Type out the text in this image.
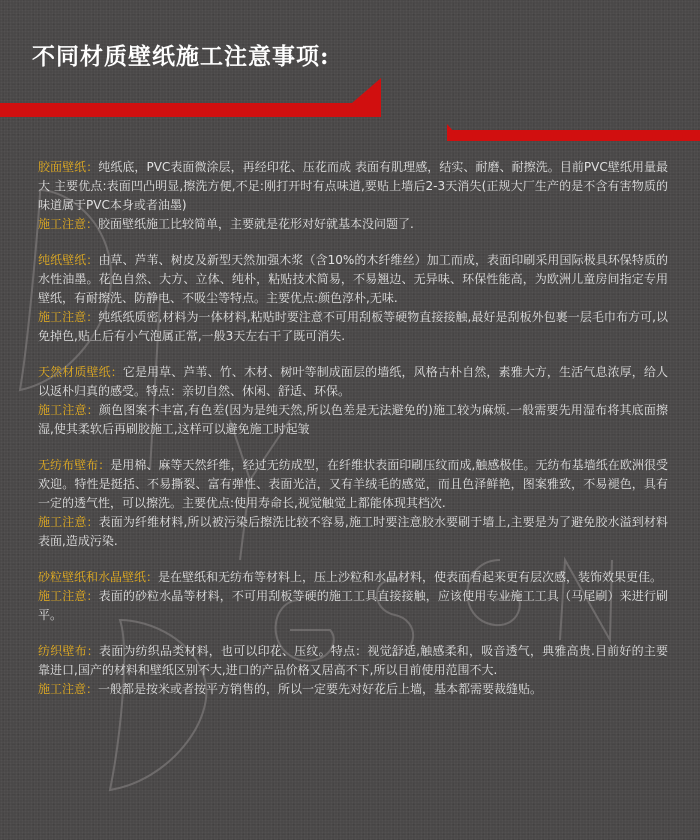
不同材质壁纸施工注意事项:

胶面壁纸：纯纸底，PVC表面微涂层，再经印花、压花而成 表面有肌理感，结实、耐磨、耐擦洗。目前PVC壁纸用量最大 主要优点:表面凹凸明显,擦洗方便,不足:刚打开时有点味道,要贴上墙后2-3天消失(正规大厂生产的是不含有害物质的味道属于PVC本身或者油墨)

施工注意：胶面壁纸施工比较简单，主要就是花形对好就基本没问题了.

纯纸壁纸：由草、芦苇、树皮及新型天然加强木浆（含10%的木纤维丝）加工而成，表面印刷采用国际极具环保特质的水性油墨。花色自然、大方、立体、纯朴，粘贴技术简易，不易翘边、无异味、环保性能高，为欧洲儿童房间指定专用壁纸，有耐擦洗、防静电、不吸尘等特点。主要优点:颜色淳朴,无味.

施工注意：纯纸纸质密,材料为一体材料,粘贴时要注意不可用刮板等硬物直接接触,最好是刮板外包裹一层毛巾布方可,以免掉色,贴上后有小气泡属正常,一般3天左右干了既可消失.

天然材质壁纸：它是用草、芦苇、竹、木材、树叶等制成面层的墙纸，风格古朴自然，素雅大方，生活气息浓厚，给人以返朴归真的感受。特点：亲切自然、休闲、舒适、环保。

施工注意：颜色图案不丰富,有色差(因为是纯天然,所以色差是无法避免的)施工较为麻烦.一般需要先用湿布将其底面擦湿,使其柔软后再刷胶施工,这样可以避免施工时起皱

无纺布壁布：是用棉、麻等天然纤维，经过无纺成型，在纤维状表面印刷压纹而成,触感极佳。无纺布基墙纸在欧洲很受欢迎。特性是挺括、不易撕裂、富有弹性、表面光洁，又有羊绒毛的感觉，而且色泽鲜艳，图案雅致，不易褪色，具有一定的透气性，可以擦洗。主要优点:使用寿命长,视觉触觉上都能体现其档次.

施工注意：表面为纤维材料,所以被污染后擦洗比较不容易,施工时要注意胶水要刷于墙上,主要是为了避免胶水溢到材料表面,造成污染.

砂粒壁纸和水晶壁纸：是在壁纸和无纺布等材料上，压上沙粒和水晶材料，使表面看起来更有层次感，装饰效果更佳。

施工注意：表面的砂粒水晶等材料，不可用刮板等硬的施工工具直接接触，应该使用专业施工工具（马尾刷）来进行刷平。

纺织壁布：表面为纺织品类材料，也可以印花、压纹。特点：视觉舒适,触感柔和，吸音透气，典雅高贵.目前好的主要靠进口,国产的材料和壁纸区别不大,进口的产品价格又居高不下,所以目前使用范围不大.

施工注意：一般都是按米或者按平方销售的，所以一定要先对好花后上墙，基本都需要裁缝贴。
